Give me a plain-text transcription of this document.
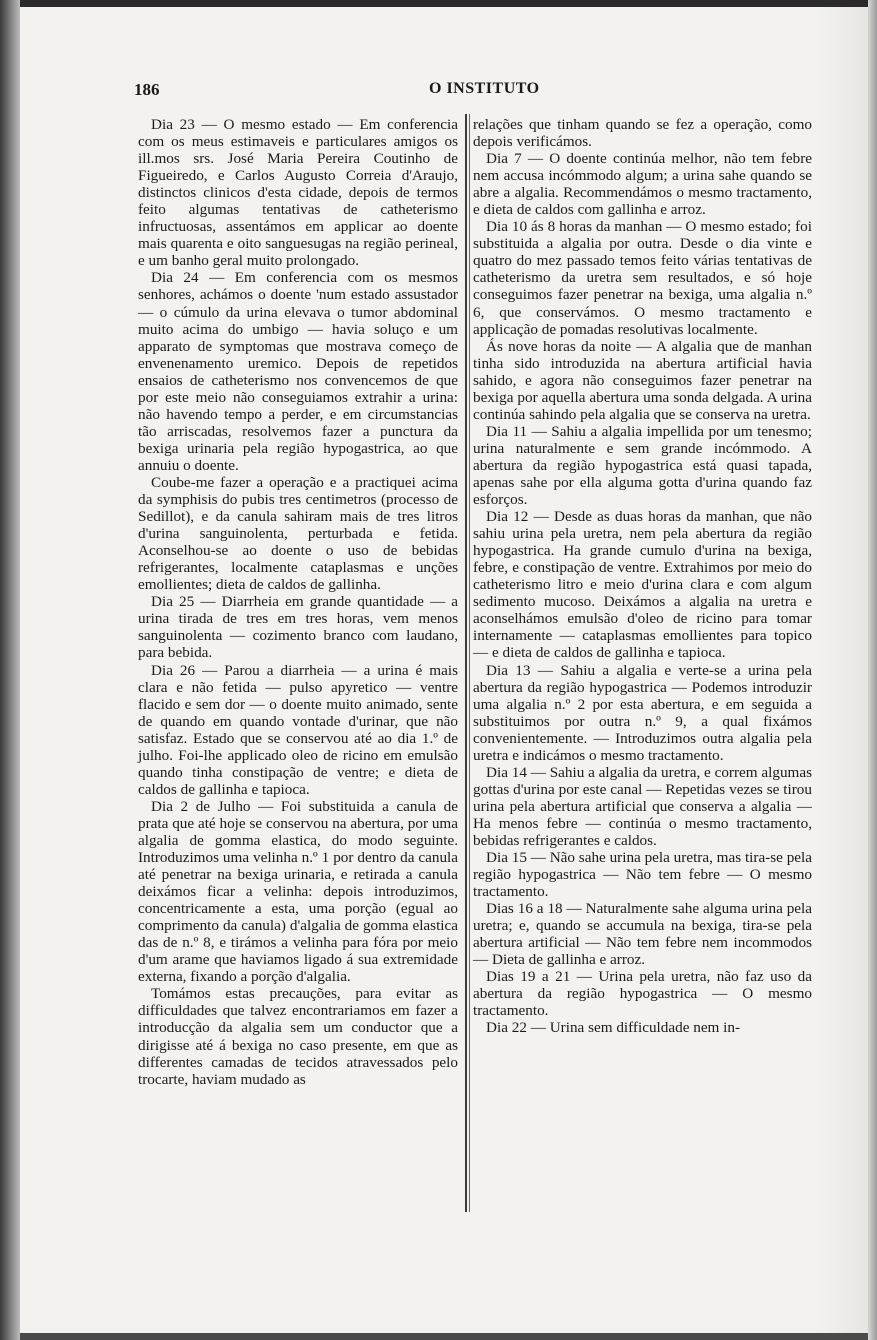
186	O INSTITUTO

Dia 23 — O mesmo estado — Em conferencia com os meus estimaveis e particulares amigos os ill.mos srs. José Maria Pereira Coutinho de Figueiredo, e Carlos Augusto Correia d'Araujo, distinctos clinicos d'esta cidade, depois de termos feito algumas tentativas de catheterismo infructuosas, assentámos em applicar ao doente mais quarenta e oito sanguesugas na região perineal, e um banho geral muito prolongado.

Dia 24 — Em conferencia com os mesmos senhores, achámos o doente 'num estado assustador — o cúmulo da urina elevava o tumor abdominal muito acima do umbigo — havia soluço e um apparato de symptomas que mostrava começo de envenenamento uremico. Depois de repetidos ensaios de catheterismo nos convencemos de que por este meio não conseguiamos extrahir a urina: não havendo tempo a perder, e em circumstancias tão arriscadas, resolvemos fazer a punctura da bexiga urinaria pela região hypogastrica, ao que annuiu o doente.

Coube-me fazer a operação e a practiquei acima da symphisis do pubis tres centimetros (processo de Sedillot), e da canula sahiram mais de tres litros d'urina sanguinolenta, perturbada e fetida. Aconselhou-se ao doente o uso de bebidas refrigerantes, localmente cataplasmas e unções emollientes; dieta de caldos de gallinha.

Dia 25 — Diarrheia em grande quantidade — a urina tirada de tres em tres horas, vem menos sanguinolenta — cozimento branco com laudano, para bebida.

Dia 26 — Parou a diarrheia — a urina é mais clara e não fetida — pulso apyretico — ventre flacido e sem dor — o doente muito animado, sente de quando em quando vontade d'urinar, que não satisfaz. Estado que se conservou até ao dia 1.º de julho. Foi-lhe applicado oleo de ricino em emulsão quando tinha constipação de ventre; e dieta de caldos de gallinha e tapioca.

Dia 2 de Julho — Foi substituida a canula de prata que até hoje se conservou na abertura, por uma algalia de gomma elastica, do modo seguinte. Introduzimos uma velinha n.º 1 por dentro da canula até penetrar na bexiga urinaria, e retirada a canula deixámos ficar a velinha: depois introduzimos, concentricamente a esta, uma porção (egual ao comprimento da canula) d'algalia de gomma elastica das de n.º 8, e tirámos a velinha para fóra por meio d'um arame que haviamos ligado á sua extremidade externa, fixando a porção d'algalia.

Tomámos estas precauções, para evitar as difficuldades que talvez encontrariamos em fazer a introducção da algalia sem um conductor que a dirigisse até á bexiga no caso presente, em que as differentes camadas de tecidos atravessados pelo trocarte, haviam mudado as

relações que tinham quando se fez a operação, como depois verificámos.

Dia 7 — O doente continúa melhor, não tem febre nem accusa incómmodo algum; a urina sahe quando se abre a algalia. Recommendámos o mesmo tractamento, e dieta de caldos com gallinha e arroz.

Dia 10 ás 8 horas da manhan — O mesmo estado; foi substituida a algalia por outra. Desde o dia vinte e quatro do mez passado temos feito várias tentativas de catheterismo da uretra sem resultados, e só hoje conseguimos fazer penetrar na bexiga, uma algalia n.º 6, que conservámos. O mesmo tractamento e applicação de pomadas resolutivas localmente.

Ás nove horas da noite — A algalia que de manhan tinha sido introduzida na abertura artificial havia sahido, e agora não conseguimos fazer penetrar na bexiga por aquella abertura uma sonda delgada. A urina continúa sahindo pela algalia que se conserva na uretra.

Dia 11 — Sahiu a algalia impellida por um tenesmo; urina naturalmente e sem grande incómmodo. A abertura da região hypogastrica está quasi tapada, apenas sahe por ella alguma gotta d'urina quando faz esforços.

Dia 12 — Desde as duas horas da manhan, que não sahiu urina pela uretra, nem pela abertura da região hypogastrica. Ha grande cumulo d'urina na bexiga, febre, e constipação de ventre. Extrahimos por meio do catheterismo litro e meio d'urina clara e com algum sedimento mucoso. Deixámos a algalia na uretra e aconselhámos emulsão d'oleo de ricino para tomar internamente — cataplasmas emollientes para topico — e dieta de caldos de gallinha e tapioca.

Dia 13 — Sahiu a algalia e verte-se a urina pela abertura da região hypogastrica — Podemos introduzir uma algalia n.º 2 por esta abertura, e em seguida a substituimos por outra n.º 9, a qual fixámos convenientemente. — Introduzimos outra algalia pela uretra e indicámos o mesmo tractamento.

Dia 14 — Sahiu a algalia da uretra, e correm algumas gottas d'urina por este canal — Repetidas vezes se tirou urina pela abertura artificial que conserva a algalia — Ha menos febre — continúa o mesmo tractamento, bebidas refrigerantes e caldos.

Dia 15 — Não sahe urina pela uretra, mas tira-se pela região hypogastrica — Não tem febre — O mesmo tractamento.

Dias 16 a 18 — Naturalmente sahe alguma urina pela uretra; e, quando se accumula na bexiga, tira-se pela abertura artificial — Não tem febre nem incommodos — Dieta de gallinha e arroz.

Dias 19 a 21 — Urina pela uretra, não faz uso da abertura da região hypogastrica — O mesmo tractamento.

Dia 22 — Urina sem difficuldade nem in-
